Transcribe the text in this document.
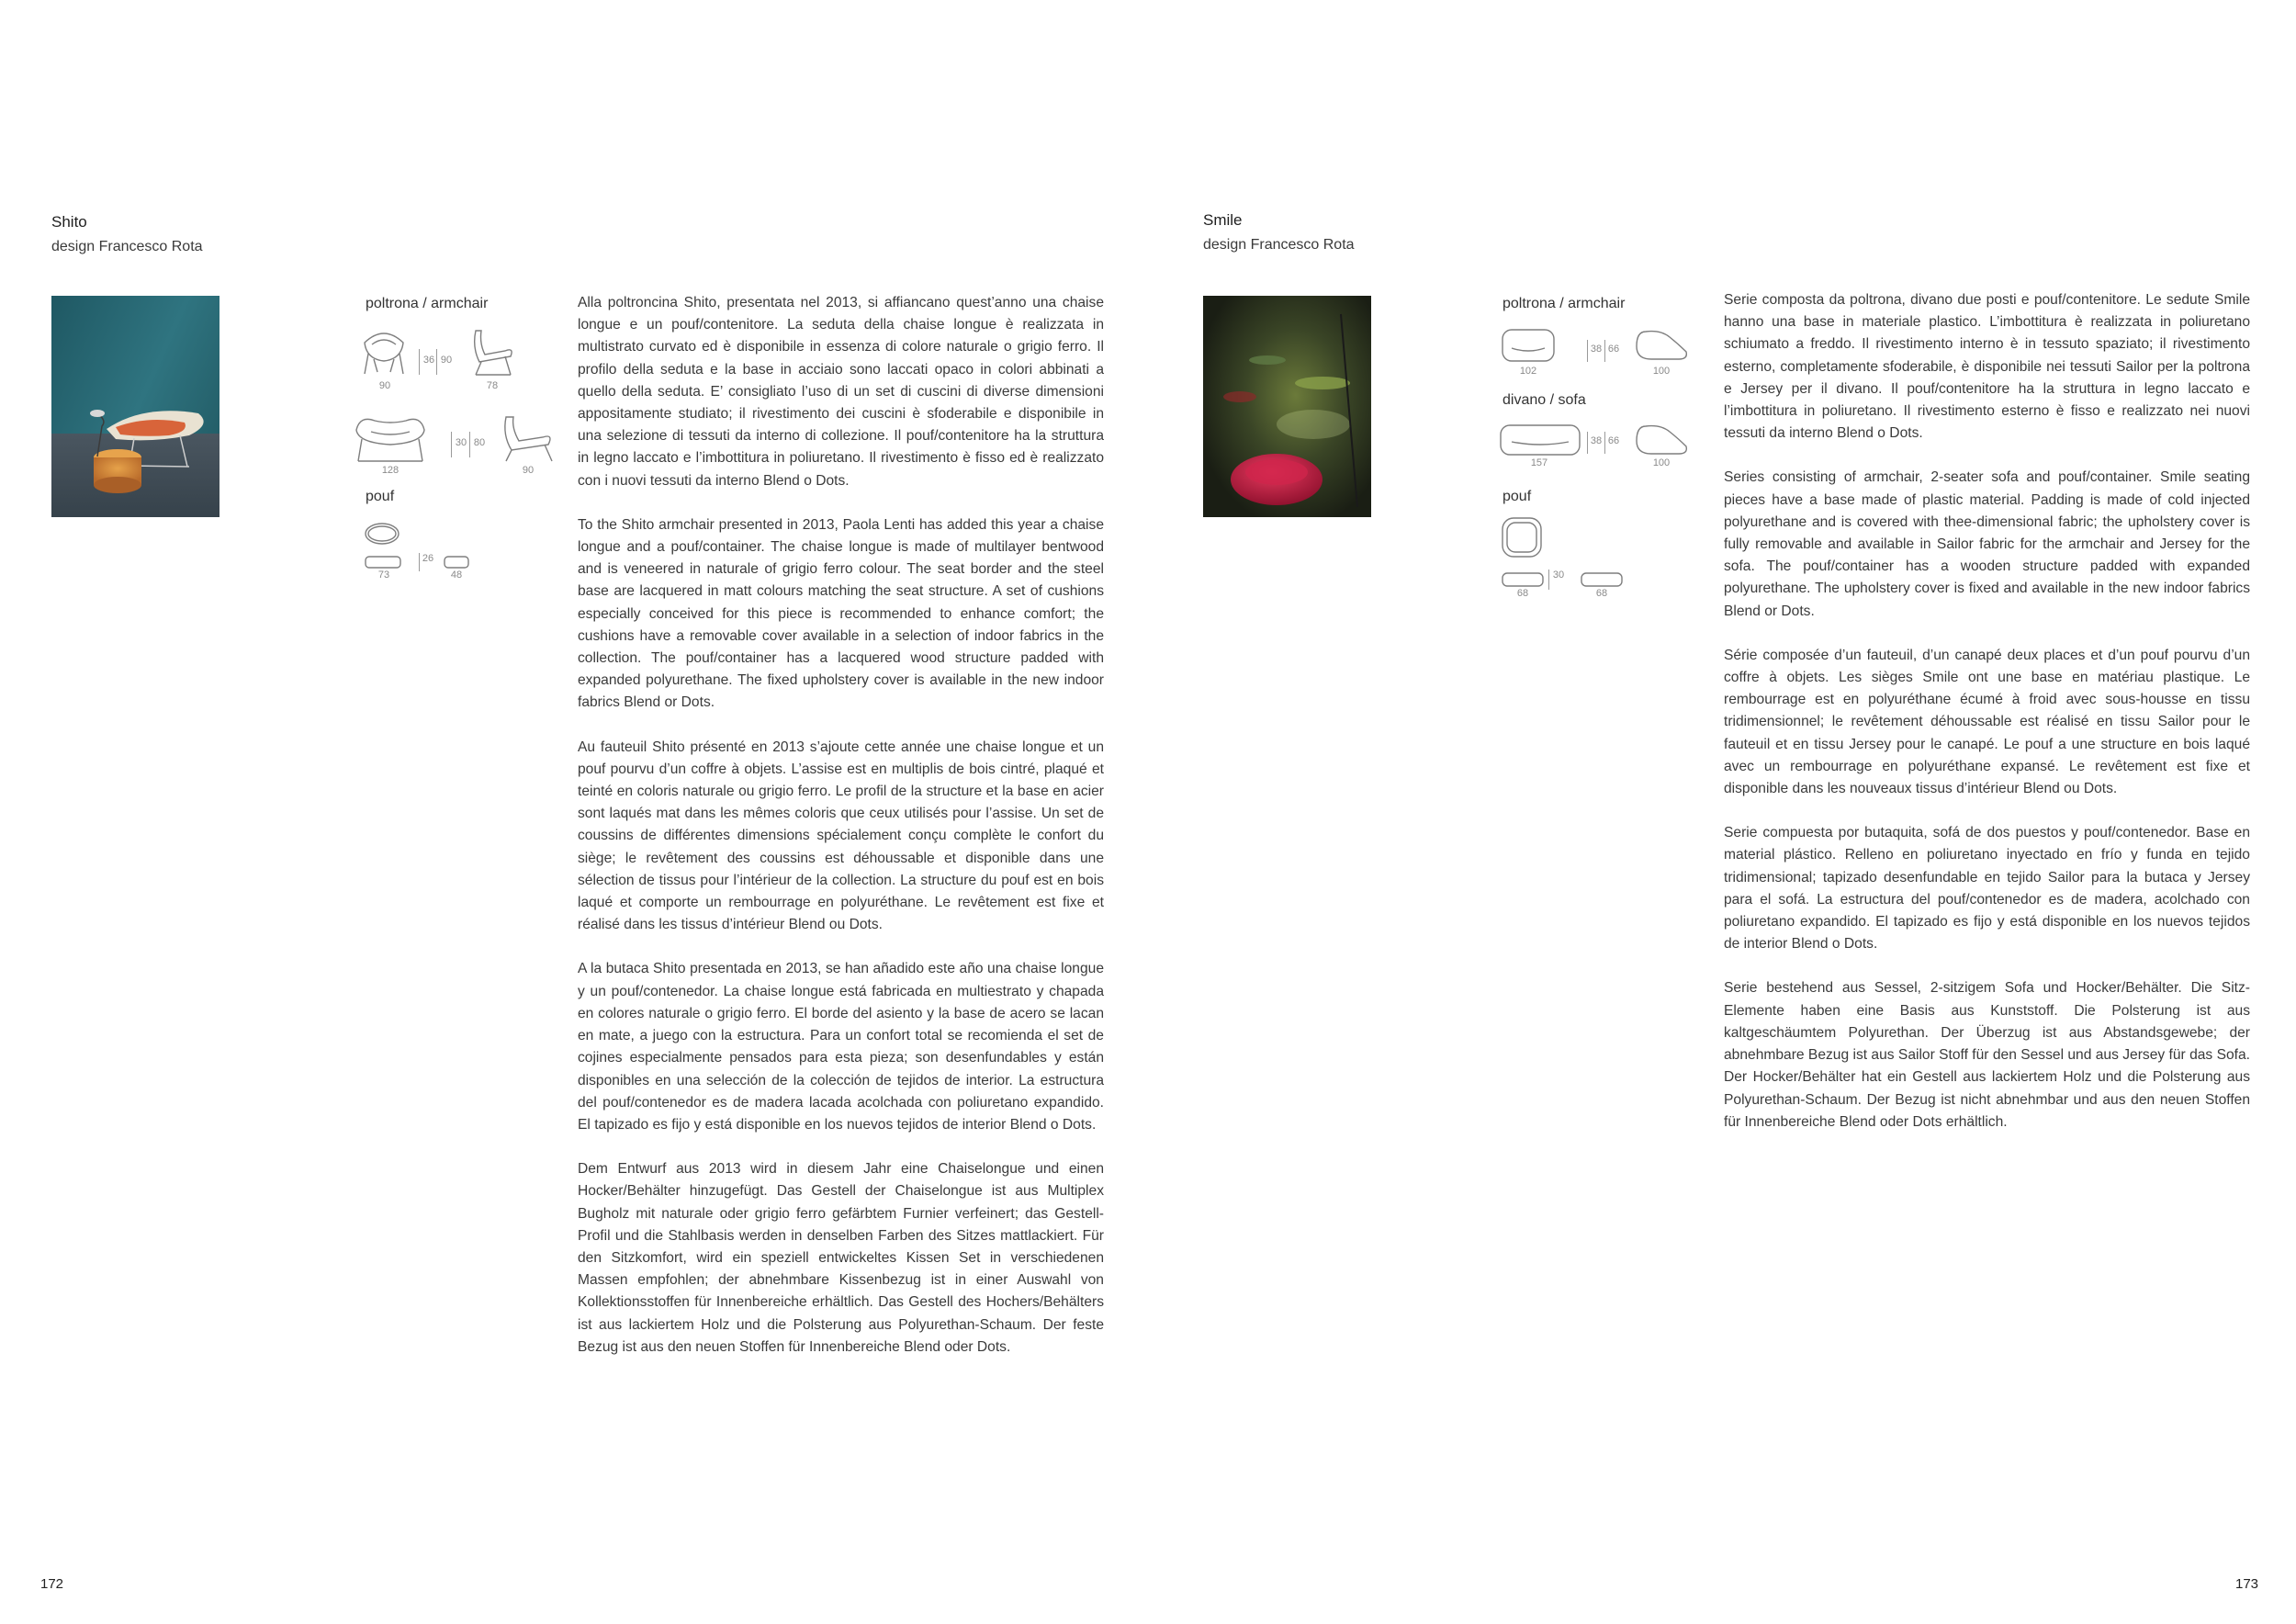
Shito
design Francesco Rota
poltrona / armchair
90
36 90
78
128
30 80
90
pouf
73
26
48

Alla poltroncina Shito, presentata nel 2013, si affiancano quest’anno una chaise longue e un pouf/contenitore. La seduta della chaise longue è realizzata in multistrato curvato ed è disponibile in essenza di colore naturale o grigio ferro. Il profilo della seduta e la base in acciaio sono laccati opaco in colori abbinati a quello della seduta. E’ consigliato l’uso di un set di cuscini di diverse dimensioni appositamente studiato; il rivestimento dei cuscini è sfoderabile e disponibile in una selezione di tessuti da interno di collezione. Il pouf/contenitore ha la struttura in legno laccato e l’imbottitura in poliuretano. Il rivestimento è fisso ed è realizzato con i nuovi tessuti da interno Blend o Dots.

To the Shito armchair presented in 2013, Paola Lenti has added this year a chaise longue and a pouf/container. The chaise longue is made of multilayer bentwood and is veneered in naturale of grigio ferro colour. The seat border and the steel base are lacquered in matt colours matching the seat structure. A set of cushions especially conceived for this piece is recommended to enhance comfort; the cushions have a removable cover available in a selection of indoor fabrics in the collection. The pouf/container has a lacquered wood structure padded with expanded polyurethane. The fixed upholstery cover is available in the new indoor fabrics Blend or Dots.

Au fauteuil Shito présenté en 2013 s’ajoute cette année une chaise longue et un pouf pourvu d’un coffre à objets. L’assise est en multiplis de bois cintré, plaqué et teinté en coloris naturale ou grigio ferro. Le profil de la structure et la base en acier sont laqués mat dans les mêmes coloris que ceux utilisés pour l’assise. Un set de coussins de différentes dimensions spécialement conçu complète le confort du siège; le revêtement des coussins est déhoussable et disponible dans une sélection de tissus pour l’intérieur de la collection. La structure du pouf est en bois laqué et comporte un rembourrage en polyuréthane. Le revêtement est fixe et réalisé dans les tissus d’intérieur Blend ou Dots.

A la butaca Shito presentada en 2013, se han añadido este año una chaise longue y un pouf/contenedor. La chaise longue está fabricada en multiestrato y chapada en colores naturale o grigio ferro. El borde del asiento y la base de acero se lacan en mate, a juego con la estructura. Para un confort total se recomienda el set de cojines especialmente pensados para esta pieza; son desenfundables y están disponibles en una selección de la colección de tejidos de interior. La estructura del pouf/contenedor es de madera lacada acolchada con poliuretano expandido. El tapizado es fijo y está disponible en los nuevos tejidos de interior Blend o Dots.

Dem Entwurf aus 2013 wird in diesem Jahr eine Chaiselongue und einen Hocker/Behälter hinzugefügt. Das Gestell der Chaiselongue ist aus Multiplex Bugholz mit naturale oder grigio ferro gefärbtem Furnier verfeinert; das Gestell-Profil und die Stahlbasis werden in denselben Farben des Sitzes mattlackiert. Für den Sitzkomfort, wird ein speziell entwickeltes Kissen Set in verschiedenen Massen empfohlen; der abnehmbare Kissenbezug ist in einer Auswahl von Kollektionsstoffen für Innenbereiche erhältlich. Das Gestell des Hochers/Behälters ist aus lackiertem Holz und die Polsterung aus Polyurethan-Schaum. Der feste Bezug ist aus den neuen Stoffen für Innenbereiche Blend oder Dots.

172
Smile
design Francesco Rota
poltrona / armchair
102
38 66
100
divano / sofa
157
38 66
100
pouf
68
30
68

Serie composta da poltrona, divano due posti e pouf/contenitore. Le sedute Smile hanno una base in materiale plastico. L’imbottitura è realizzata in poliuretano schiumato a freddo. Il rivestimento interno è in tessuto spaziato; il rivestimento esterno, completamente sfoderabile, è disponibile nei tessuti Sailor per la poltrona e Jersey per il divano. Il pouf/contenitore ha la struttura in legno laccato e l’imbottitura in poliuretano. Il rivestimento esterno è fisso e realizzato nei nuovi tessuti da interno Blend o Dots.

Series consisting of armchair, 2-seater sofa and pouf/container. Smile seating pieces have a base made of plastic material. Padding is made of cold injected polyurethane and is covered with thee-dimensional fabric; the upholstery cover is fully removable and available in Sailor fabric for the armchair and Jersey for the sofa. The pouf/container has a wooden structure padded with expanded polyurethane. The upholstery cover is fixed and available in the new indoor fabrics Blend or Dots.

Série composée d’un fauteuil, d’un canapé deux places et d’un pouf pourvu d’un coffre à objets. Les sièges Smile ont une base en matériau plastique. Le rembourrage est en polyuréthane écumé à froid avec sous-housse en tissu tridimensionnel; le revêtement déhoussable est réalisé en tissu Sailor pour le fauteuil et en tissu Jersey pour le canapé. Le pouf a une structure en bois laqué avec un rembourrage en polyuréthane expansé. Le revêtement est fixe et disponible dans les nouveaux tissus d’intérieur Blend ou Dots.

Serie compuesta por butaquita, sofá de dos puestos y pouf/contenedor. Base en material plástico. Relleno en poliuretano inyectado en frío y funda en tejido tridimensional; tapizado desenfundable en tejido Sailor para la butaca y Jersey para el sofá. La estructura del pouf/contenedor es de madera, acolchado con poliuretano expandido. El tapizado es fijo y está disponible en los nuevos tejidos de interior Blend o Dots.

Serie bestehend aus Sessel, 2-sitzigem Sofa und Hocker/Behälter. Die Sitz-Elemente haben eine Basis aus Kunststoff. Die Polsterung ist aus kaltgeschäumtem Polyurethan. Der Überzug ist aus Abstandsgewebe; der abnehmbare Bezug ist aus Sailor Stoff für den Sessel und aus Jersey für das Sofa. Der Hocker/Behälter hat ein Gestell aus lackiertem Holz und die Polsterung aus Polyurethan-Schaum. Der Bezug ist nicht abnehmbar und aus den neuen Stoffen für Innenbereiche Blend oder Dots erhältlich.

173
